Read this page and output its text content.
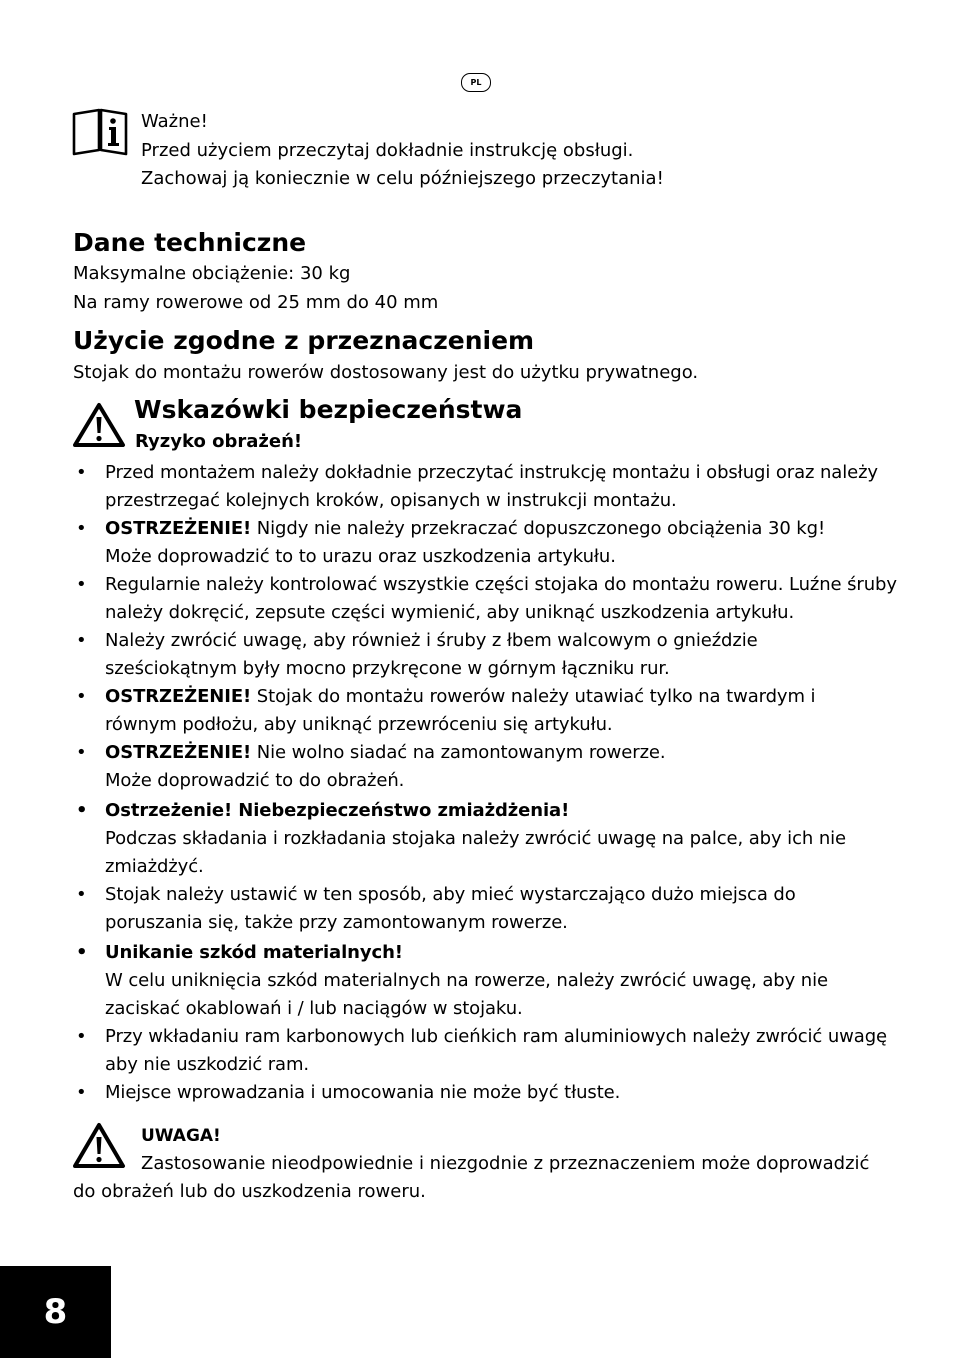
PL

Ważne!

Przed użyciem przeczytaj dokładnie instrukcję obsługi.

Zachowaj ją koniecznie w celu późniejszego przeczytania!

Dane techniczne

Maksymalne obciążenie: 30 kg

Na ramy rowerowe od 25 mm do 40 mm

Użycie zgodne z przeznaczeniem

Stojak do montażu rowerów dostosowany jest do użytku prywatnego.

Wskazówki bezpieczeństwa

Ryzyko obrażeń!

• Przed montażem należy dokładnie przeczytać instrukcję montażu i obsługi oraz należy
przestrzegać kolejnych kroków, opisanych w instrukcji montażu.
• OSTRZEŻENIE! Nigdy nie należy przekraczać dopuszczonego obciążenia 30 kg!
Może doprowadzić to to urazu oraz uszkodzenia artykułu.
• Regularnie należy kontrolować wszystkie części stojaka do montażu roweru. Luźne śruby
należy dokręcić, zepsute części wymienić, aby uniknąć uszkodzenia artykułu.
• Należy zwrócić uwagę, aby również i śruby z łbem walcowym o gnieździe
sześciokątnym były mocno przykręcone w górnym łączniku rur.
• OSTRZEŻENIE! Stojak do montażu rowerów należy utawiać tylko na twardym i
równym podłożu, aby uniknąć przewróceniu się artykułu.
• OSTRZEŻENIE! Nie wolno siadać na zamontowanym rowerze.
Może doprowadzić to do obrażeń.
• Ostrzeżenie! Niebezpieczeństwo zmiażdżenia!
Podczas składania i rozkładania stojaka należy zwrócić uwagę na palce, aby ich nie
zmiażdżyć.
• Stojak należy ustawić w ten sposób, aby mieć wystarczająco dużo miejsca do
poruszania się, także przy zamontowanym rowerze.
• Unikanie szkód materialnych!
W celu uniknięcia szkód materialnych na rowerze, należy zwrócić uwagę, aby nie
zaciskać okablowań i / lub naciągów w stojaku.
• Przy wkładaniu ram karbonowych lub cieńkich ram aluminiowych należy zwrócić uwagę
aby nie uszkodzić ram.
• Miejsce wprowadzania i umocowania nie może być tłuste.

UWAGA!

Zastosowanie nieodpowiednie i niezgodnie z przeznaczeniem może doprowadzić

do obrażeń lub do uszkodzenia roweru.

8
